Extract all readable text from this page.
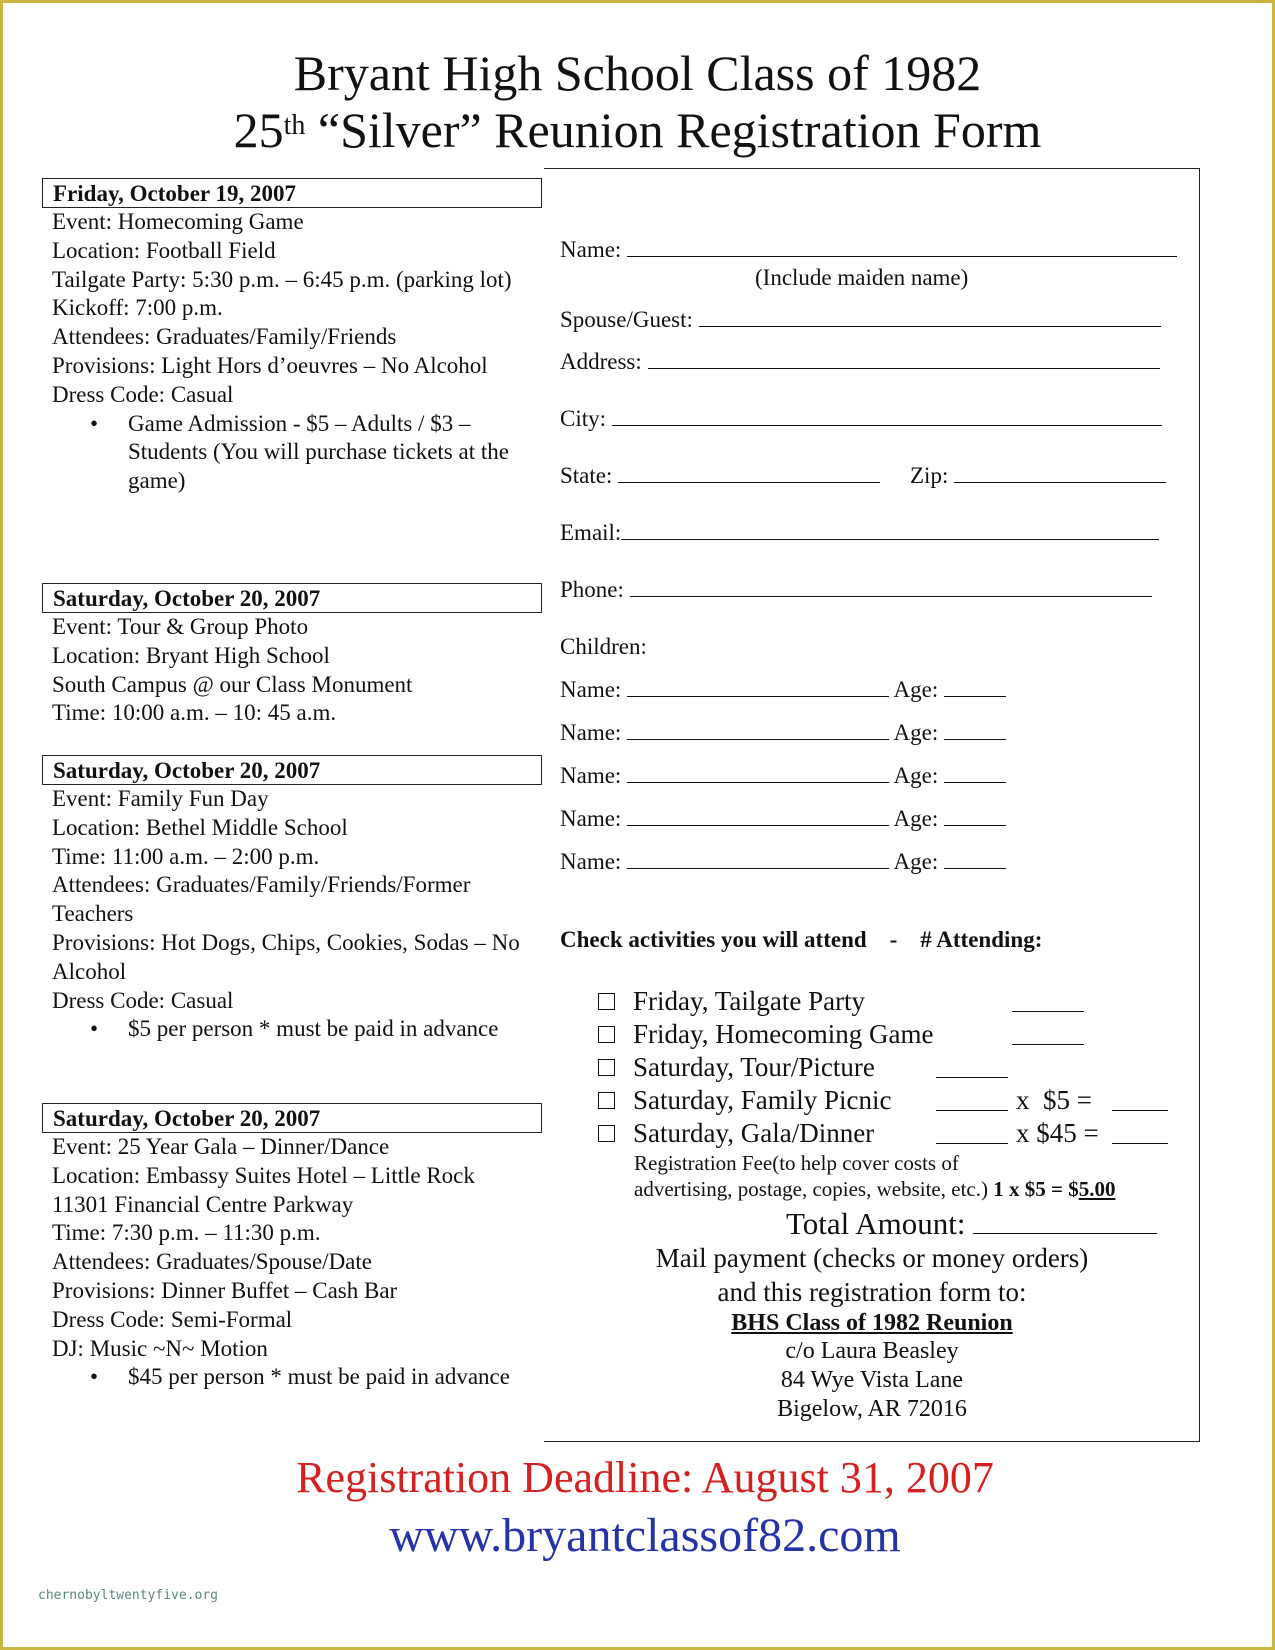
Bryant High School Class of 1982
25th “Silver” Reunion Registration Form
Friday, October 19, 2007
Event: Homecoming Game
Location: Football Field
Tailgate Party: 5:30 p.m. – 6:45 p.m. (parking lot)
Kickoff: 7:00 p.m.
Attendees: Graduates/Family/Friends
Provisions: Light Hors d’oeuvres – No Alcohol
Dress Code: Casual
• Game Admission - $5 – Adults / $3 – Students (You will purchase tickets at the game)
Saturday, October 20, 2007
Event: Tour & Group Photo
Location: Bryant High School
South Campus @ our Class Monument
Time: 10:00 a.m. – 10: 45 a.m.
Saturday, October 20, 2007
Event: Family Fun Day
Location: Bethel Middle School
Time: 11:00 a.m. – 2:00 p.m.
Attendees: Graduates/Family/Friends/Former Teachers
Provisions: Hot Dogs, Chips, Cookies, Sodas – No Alcohol
Dress Code: Casual
• $5 per person * must be paid in advance
Saturday, October 20, 2007
Event: 25 Year Gala – Dinner/Dance
Location: Embassy Suites Hotel – Little Rock
11301 Financial Centre Parkway
Time: 7:30 p.m. – 11:30 p.m.
Attendees: Graduates/Spouse/Date
Provisions: Dinner Buffet – Cash Bar
Dress Code: Semi-Formal
DJ: Music ~N~ Motion
• $45 per person * must be paid in advance
Name:
(Include maiden name)
Spouse/Guest:
Address:
City:
State:	Zip:
Email:
Phone:
Children:
Name:	Age:
Name:	Age:
Name:	Age:
Name:	Age:
Name:	Age:
Check activities you will attend    -    # Attending:
Friday, Tailgate Party
Friday, Homecoming Game
Saturday, Tour/Picture
Saturday, Family Picnic	x  $5 =
Saturday, Gala/Dinner	x $45 =
Registration Fee(to help cover costs of
advertising, postage, copies, website, etc.) 1 x $5 = $5.00
Total Amount:
Mail payment (checks or money orders)
and this registration form to:
BHS Class of 1982 Reunion
c/o Laura Beasley
84 Wye Vista Lane
Bigelow, AR 72016
Registration Deadline: August 31, 2007
www.bryantclassof82.com
chernobyltwentyfive.org
